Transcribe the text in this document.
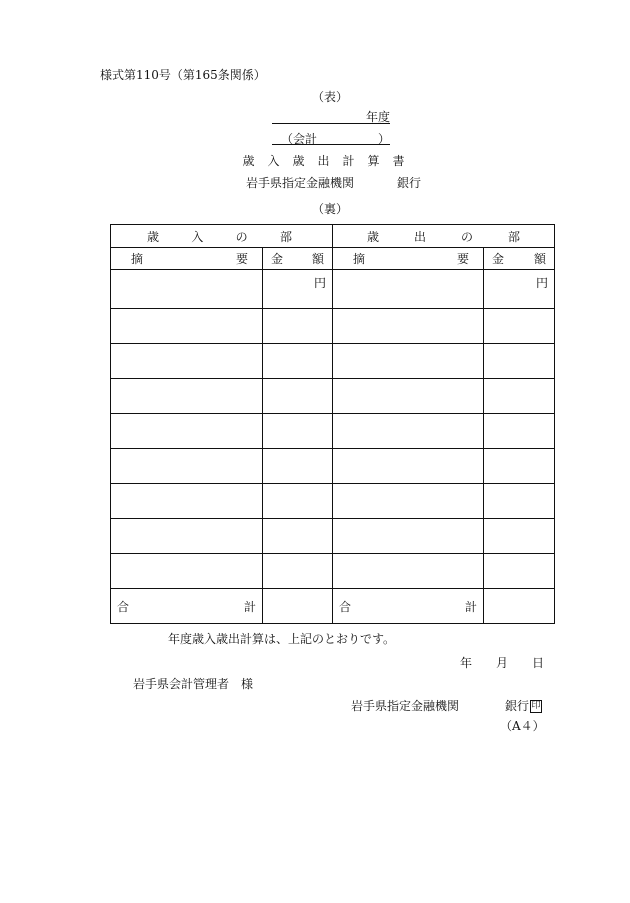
様式第110号（第165条関係）
（表）
年度
（会計	）
歳入歳出計算書
岩手県指定金融機関	銀行
（裏）
歳 入 の 部		歳 出 の 部	

摘 要	金 額	摘 要	金 額

	円		円

合 計		合 計	

年度歳入歳出計算は、上記のとおりです。
年 月 日
岩手県会計管理者　様
岩手県指定金融機関	銀行 印
（A４）
